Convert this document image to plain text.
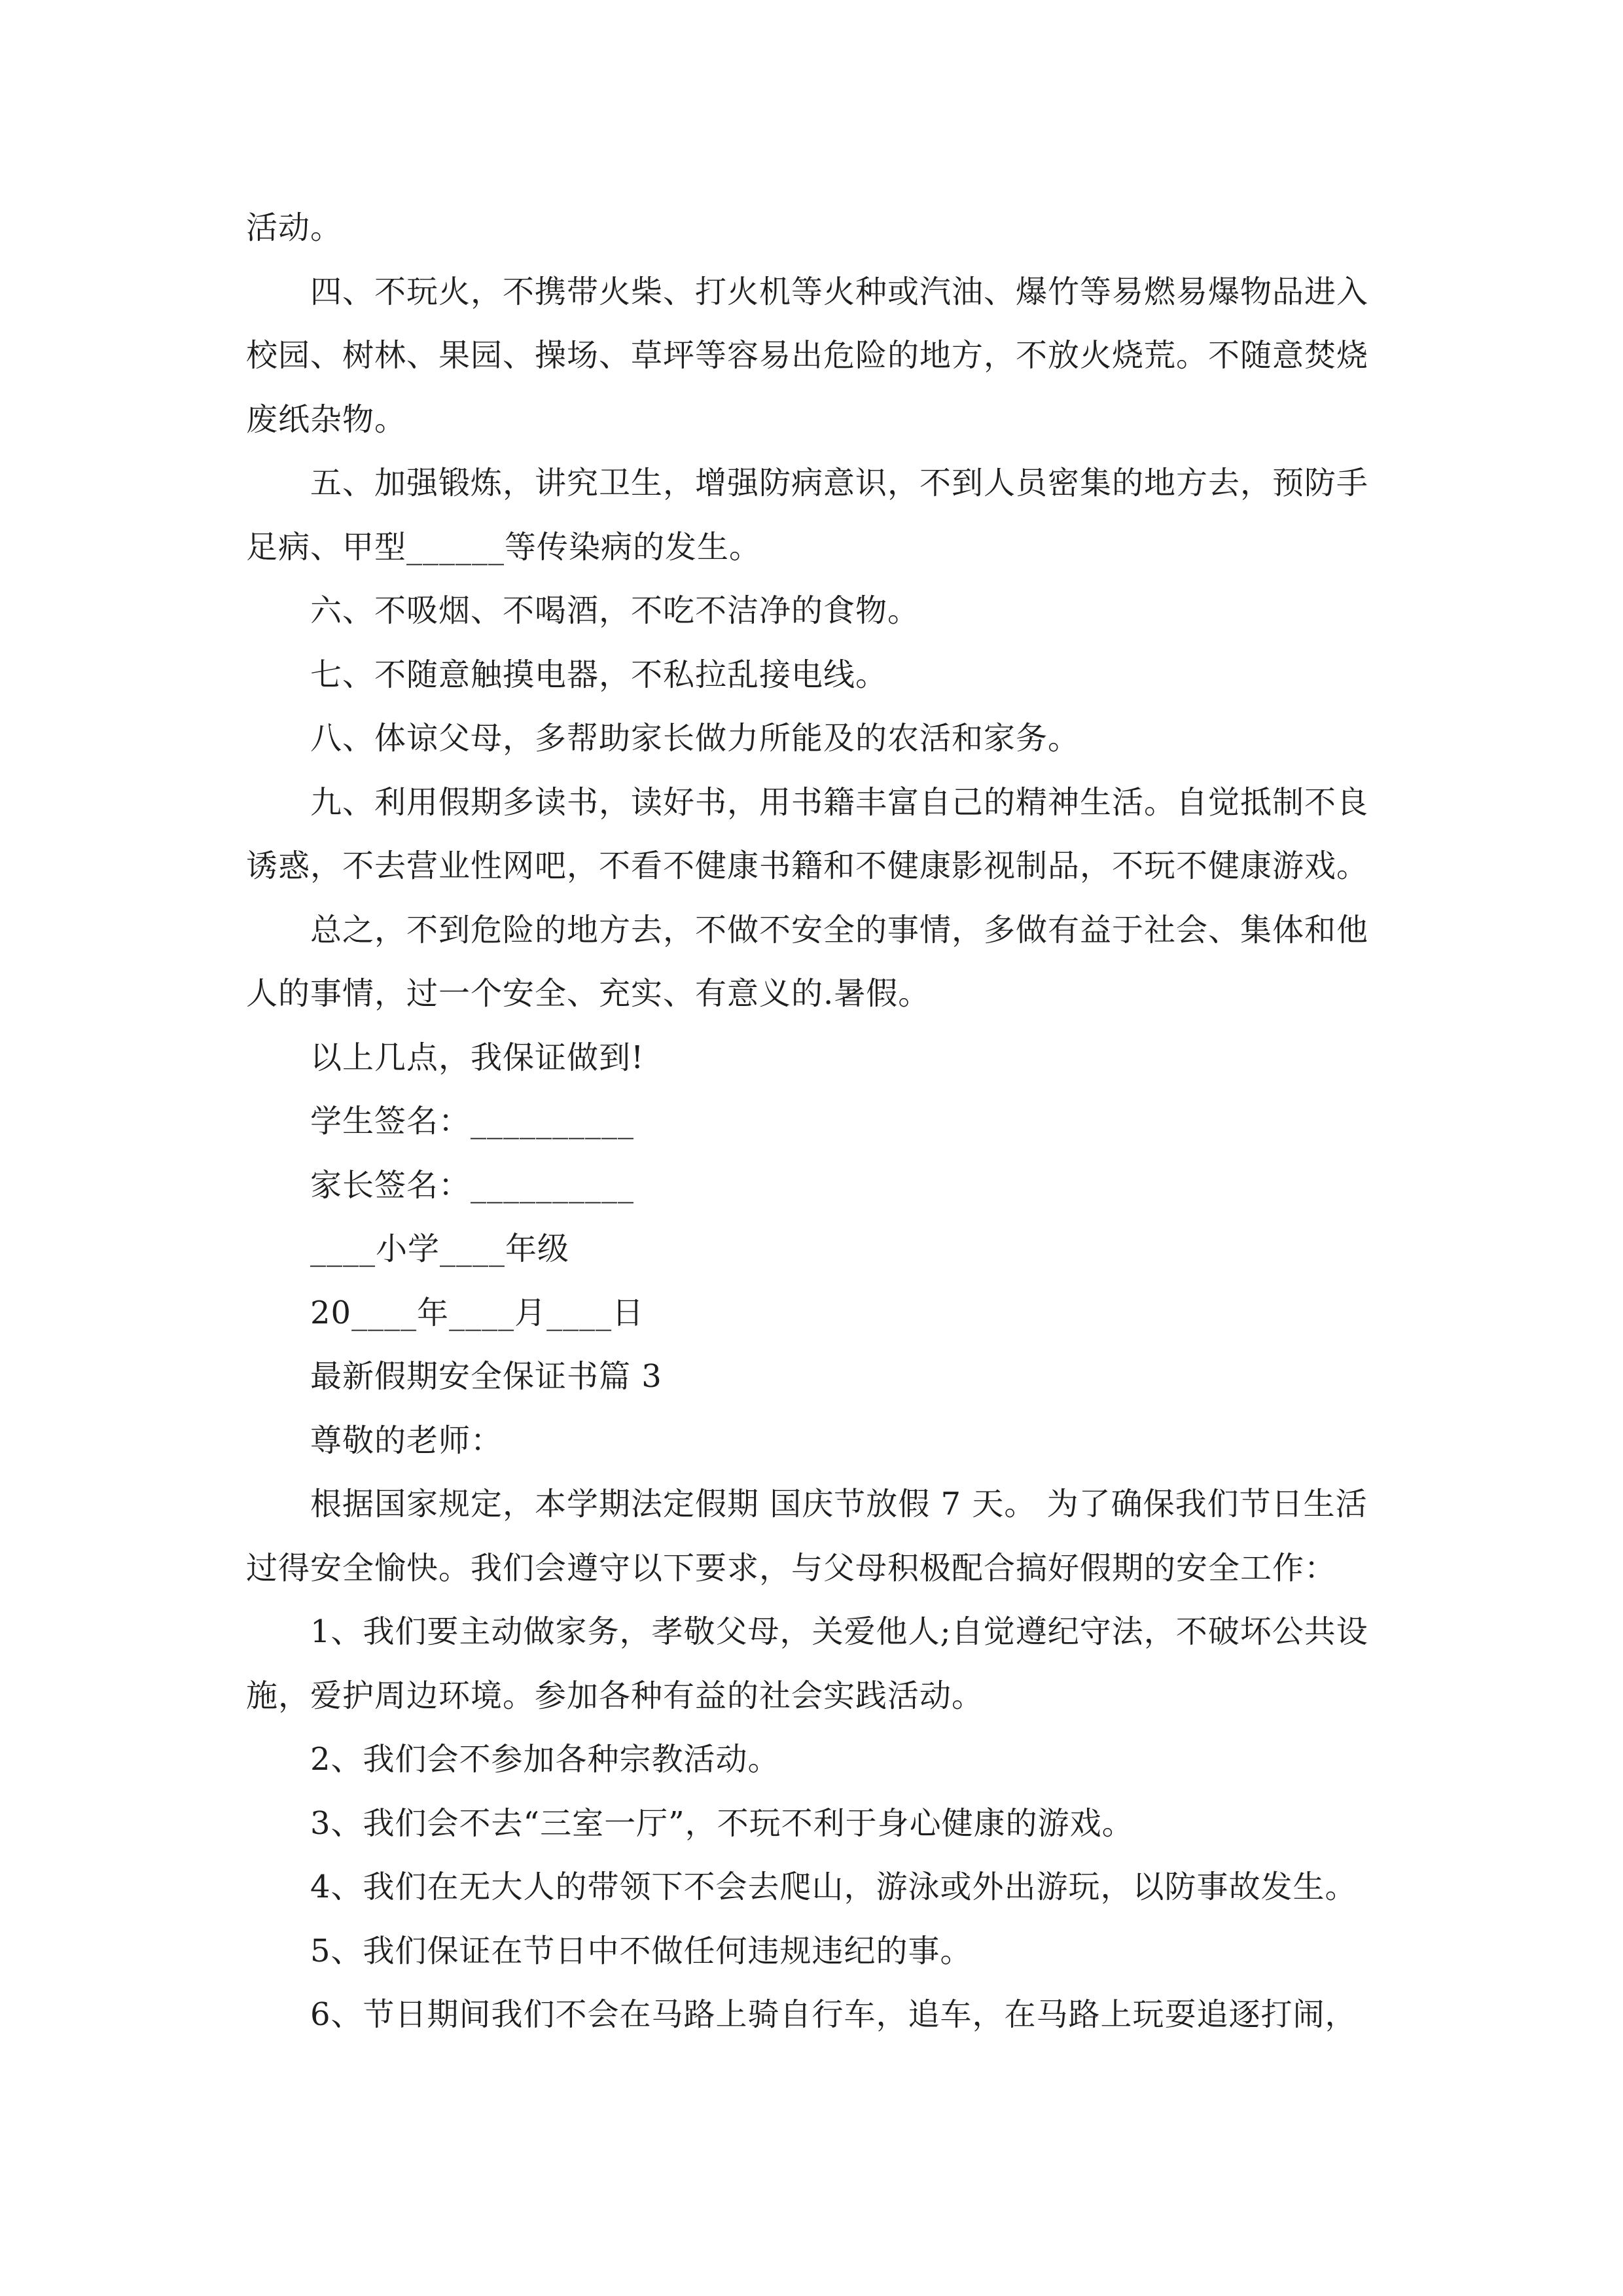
活动。
四、不玩火，不携带火柴、打火机等火种或汽油、爆竹等易燃易爆物品进入
校园、树林、果园、操场、草坪等容易出危险的地方，不放火烧荒。不随意焚烧
废纸杂物。
五、加强锻炼，讲究卫生，增强防病意识，不到人员密集的地方去，预防手
足病、甲型______等传染病的发生。
六、不吸烟、不喝酒，不吃不洁净的食物。
七、不随意触摸电器，不私拉乱接电线。
八、体谅父母，多帮助家长做力所能及的农活和家务。
九、利用假期多读书，读好书，用书籍丰富自己的精神生活。自觉抵制不良
诱惑，不去营业性网吧，不看不健康书籍和不健康影视制品，不玩不健康游戏。
总之，不到危险的地方去，不做不安全的事情，多做有益于社会、集体和他
人的事情，过一个安全、充实、有意义的.暑假。
以上几点，我保证做到!
学生签名：__________
家长签名：__________
____小学____年级
20____年____月____日
最新假期安全保证书篇 3
尊敬的老师：
根据国家规定，本学期法定假期 国庆节放假 7 天。 为了确保我们节日生活
过得安全愉快。我们会遵守以下要求，与父母积极配合搞好假期的安全工作：
1、我们要主动做家务，孝敬父母，关爱他人;自觉遵纪守法，不破坏公共设
施，爱护周边环境。参加各种有益的社会实践活动。
2、我们会不参加各种宗教活动。
3、我们会不去“三室一厅”，不玩不利于身心健康的游戏。
4、我们在无大人的带领下不会去爬山，游泳或外出游玩，以防事故发生。
5、我们保证在节日中不做任何违规违纪的事。
6、节日期间我们不会在马路上骑自行车，追车，在马路上玩耍追逐打闹，
